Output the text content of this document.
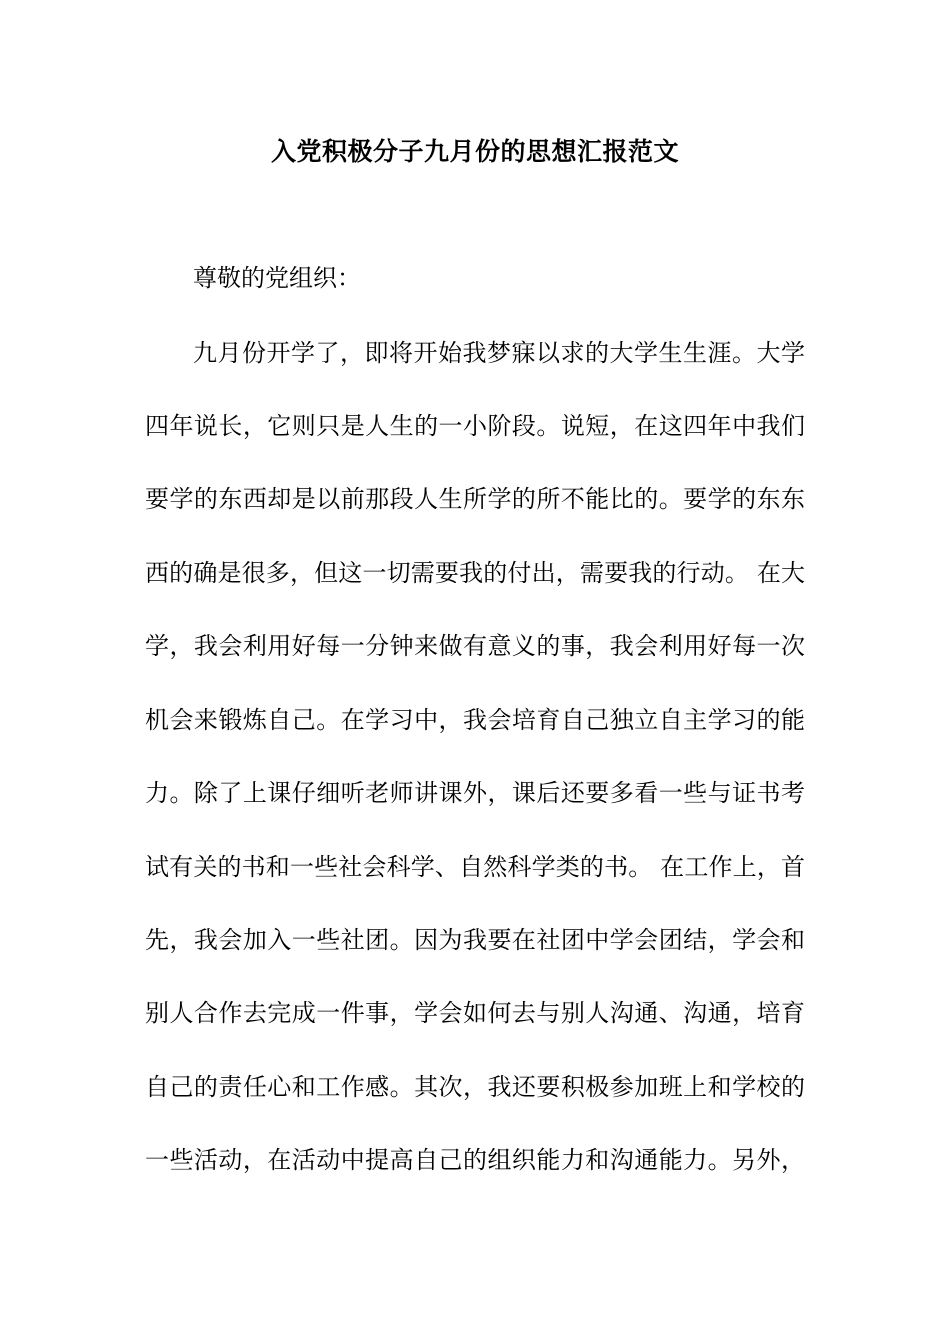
入党积极分子九月份的思想汇报范文
尊敬的党组织：
九月份开学了，即将开始我梦寐以求的大学生生涯。大学
四年说长，它则只是人生的一小阶段。说短，在这四年中我们
要学的东西却是以前那段人生所学的所不能比的。要学的东东
西的确是很多，但这一切需要我的付出，需要我的行动。 在大
学，我会利用好每一分钟来做有意义的事，我会利用好每一次
机会来锻炼自己。在学习中，我会培育自己独立自主学习的能
力。除了上课仔细听老师讲课外，课后还要多看一些与证书考
试有关的书和一些社会科学、自然科学类的书。 在工作上，首
先，我会加入一些社团。因为我要在社团中学会团结，学会和
别人合作去完成一件事，学会如何去与别人沟通、沟通，培育
自己的责任心和工作感。其次，我还要积极参加班上和学校的
一些活动，在活动中提高自己的组织能力和沟通能力。另外，
